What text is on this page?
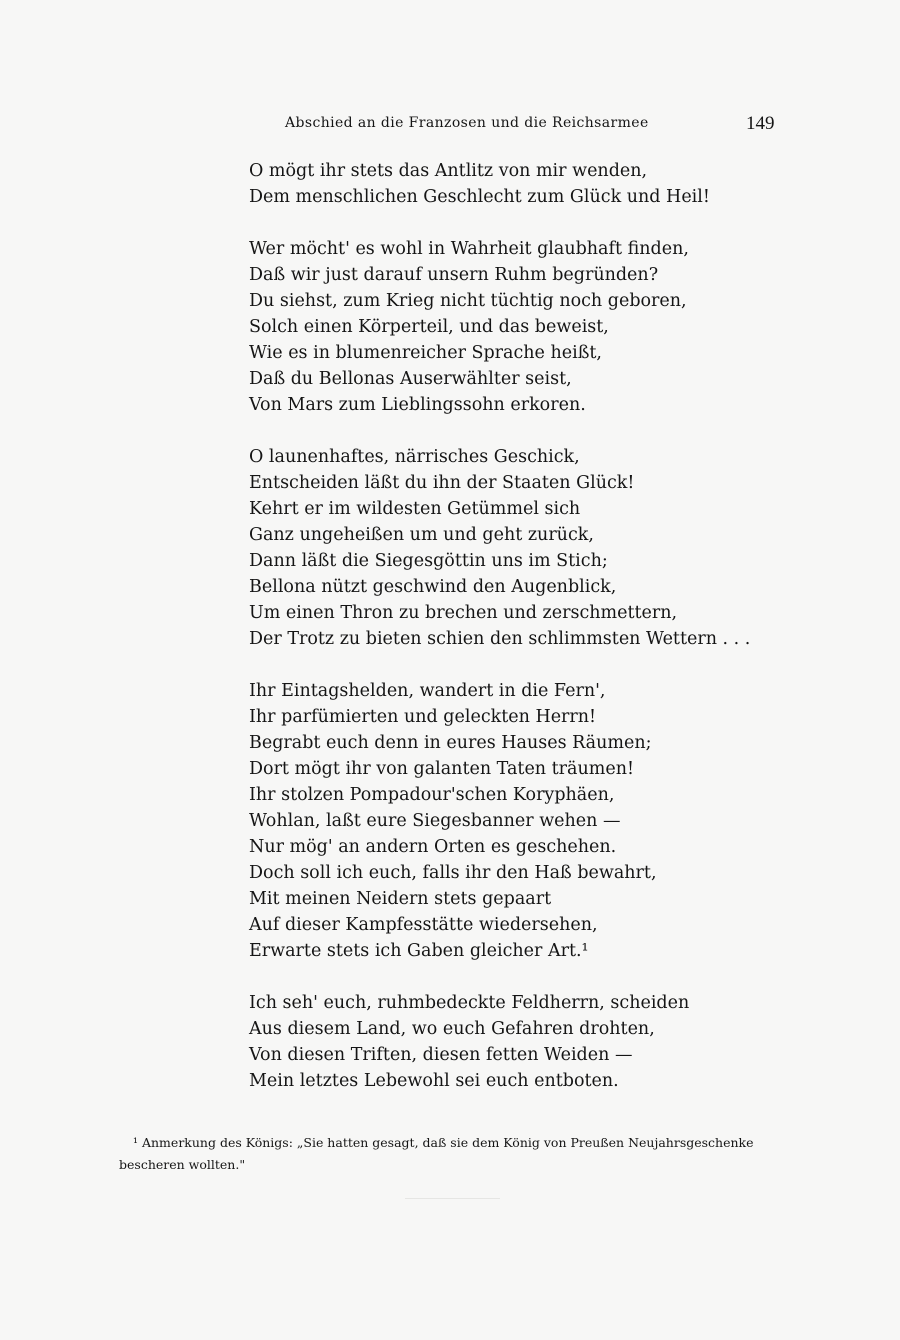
Abschied an die Franzosen und die Reichsarmee	149
O mögt ihr stets das Antlitz von mir wenden,
Dem menschlichen Geschlecht zum Glück und Heil!
Wer möcht' es wohl in Wahrheit glaubhaft finden,
Daß wir just darauf unsern Ruhm begründen?
Du siehst, zum Krieg nicht tüchtig noch geboren,
Solch einen Körperteil, und das beweist,
Wie es in blumenreicher Sprache heißt,
Daß du Bellonas Auserwählter seist,
Von Mars zum Lieblingssohn erkoren.
O launenhaftes, närrisches Geschick,
Entscheiden läßt du ihn der Staaten Glück!
Kehrt er im wildesten Getümmel sich
Ganz ungeheißen um und geht zurück,
Dann läßt die Siegesgöttin uns im Stich;
Bellona nützt geschwind den Augenblick,
Um einen Thron zu brechen und zerschmettern,
Der Trotz zu bieten schien den schlimmsten Wettern . . .
Ihr Eintagshelden, wandert in die Fern',
Ihr parfümierten und geleckten Herrn!
Begrabt euch denn in eures Hauses Räumen;
Dort mögt ihr von galanten Taten träumen!
Ihr stolzen Pompadour'schen Koryphäen,
Wohlan, laßt eure Siegesbanner wehen —
Nur mög' an andern Orten es geschehen.
Doch soll ich euch, falls ihr den Haß bewahrt,
Mit meinen Neidern stets gepaart
Auf dieser Kampfesstätte wiedersehen,
Erwarte stets ich Gaben gleicher Art.¹
Ich seh' euch, ruhmbedeckte Feldherrn, scheiden
Aus diesem Land, wo euch Gefahren drohten,
Von diesen Triften, diesen fetten Weiden —
Mein letztes Lebewohl sei euch entboten.
¹ Anmerkung des Königs: „Sie hatten gesagt, daß sie dem König von Preußen Neujahrsgeschenke
bescheren wollten."
